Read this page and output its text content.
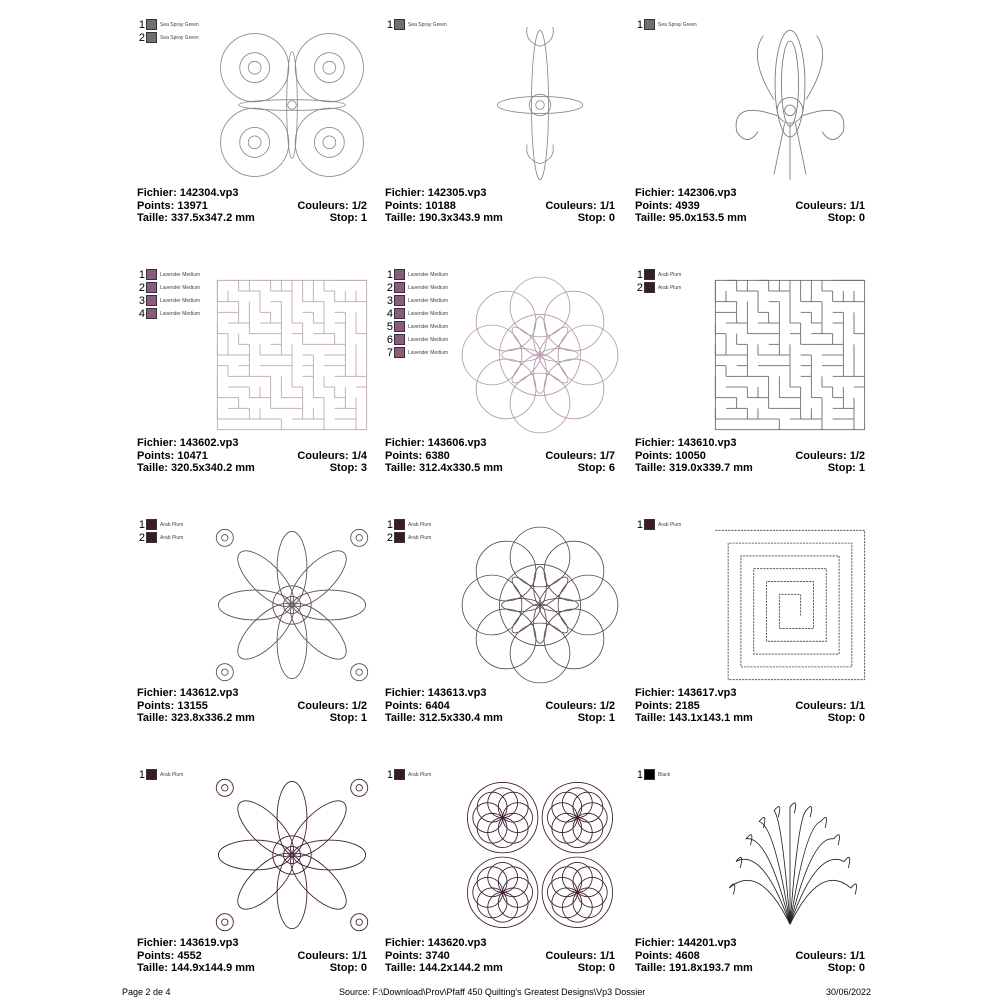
1	Sea Spray Green
2	Sea Spray Green
Fichier: 142304.vp3
Points: 13971	Couleurs: 1/2
Taille: 337.5x347.2 mm	Stop: 1
1	Sea Spray Green
Fichier: 142305.vp3
Points: 10188	Couleurs: 1/1
Taille: 190.3x343.9 mm	Stop: 0
1	Sea Spray Green
Fichier: 142306.vp3
Points: 4939	Couleurs: 1/1
Taille: 95.0x153.5 mm	Stop: 0
1	Lavender Medium
2	Lavender Medium
3	Lavender Medium
4	Lavender Medium
Fichier: 143602.vp3
Points: 10471	Couleurs: 1/4
Taille: 320.5x340.2 mm	Stop: 3
1	Lavender Medium
2	Lavender Medium
3	Lavender Medium
4	Lavender Medium
5	Lavender Medium
6	Lavender Medium
7	Lavender Medium
Fichier: 143606.vp3
Points: 6380	Couleurs: 1/7
Taille: 312.4x330.5 mm	Stop: 6
1	Arab Plum
2	Arab Plum
Fichier: 143610.vp3
Points: 10050	Couleurs: 1/2
Taille: 319.0x339.7 mm	Stop: 1
1	Arab Plum
2	Arab Plum
Fichier: 143612.vp3
Points: 13155	Couleurs: 1/2
Taille: 323.8x336.2 mm	Stop: 1
1	Arab Plum
2	Arab Plum
Fichier: 143613.vp3
Points: 6404	Couleurs: 1/2
Taille: 312.5x330.4 mm	Stop: 1
1	Arab Plum
Fichier: 143617.vp3
Points: 2185	Couleurs: 1/1
Taille: 143.1x143.1 mm	Stop: 0
1	Arab Plum
Fichier: 143619.vp3
Points: 4552	Couleurs: 1/1
Taille: 144.9x144.9 mm	Stop: 0
1	Arab Plum
Fichier: 143620.vp3
Points: 3740	Couleurs: 1/1
Taille: 144.2x144.2 mm	Stop: 0
1	Black
Fichier: 144201.vp3
Points: 4608	Couleurs: 1/1
Taille: 191.8x193.7 mm	Stop: 0
Page 2 de 4	Source: F:\Download\Prov\Pfaff 450 Quilting's Greatest Designs\Vp3 Dossier	30/06/2022
